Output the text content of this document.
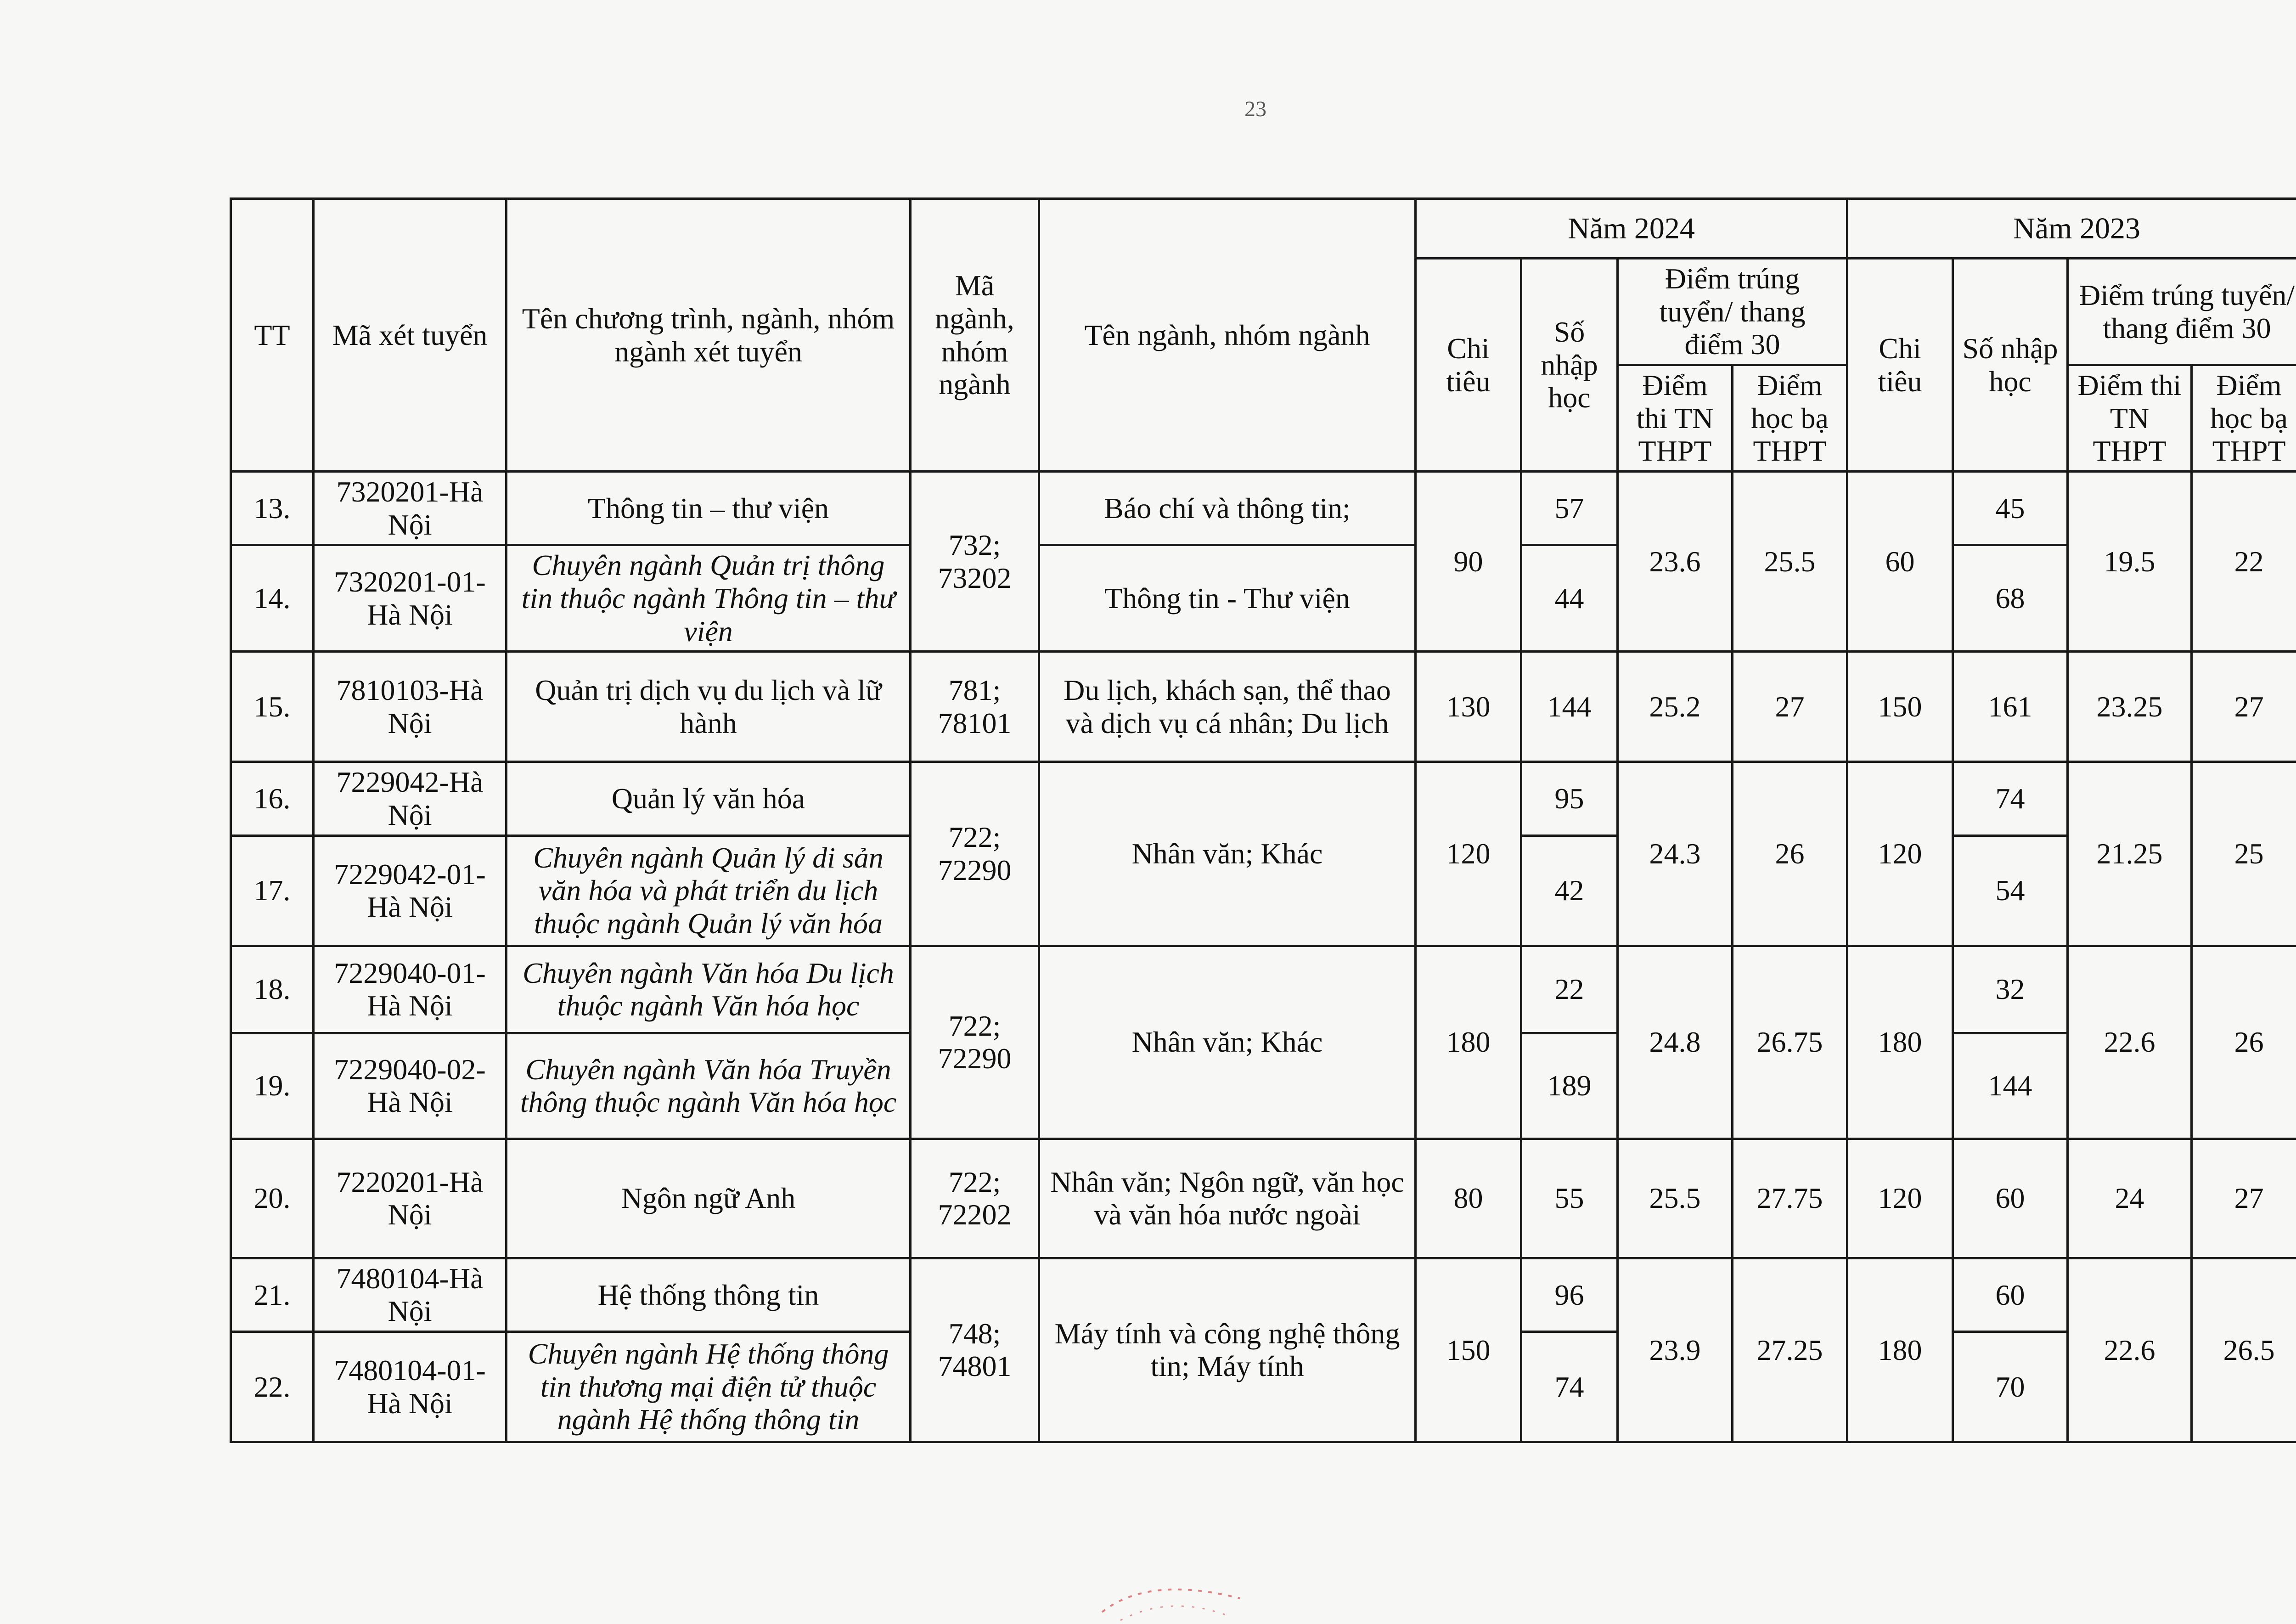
23
TT	Mã xét tuyển	Tên chương trình, ngành, nhóm ngành xét tuyển	Mã ngành, nhóm ngành	Tên ngành, nhóm ngành	Năm 2024				Năm 2023			
					Chi tiêu	Số nhập học	Điểm trúng tuyển/ thang điểm 30		Chi tiêu	Số nhập học	Điểm trúng tuyển/ thang điểm 30	
							Điểm thi TN THPT	Điểm học bạ THPT			Điểm thi TN THPT	Điểm học bạ THPT
13.	7320201-Hà Nội	Thông tin – thư viện	732; 73202	Báo chí và thông tin;	90	57	23.6	25.5	60	45	19.5	22
14.	7320201-01-Hà Nội	Chuyên ngành Quản trị thông tin thuộc ngành Thông tin – thư viện		Thông tin - Thư viện		44				68		
15.	7810103-Hà Nội	Quản trị dịch vụ du lịch và lữ hành	781; 78101	Du lịch, khách sạn, thể thao và dịch vụ cá nhân; Du lịch	130	144	25.2	27	150	161	23.25	27
16.	7229042-Hà Nội	Quản lý văn hóa	722; 72290	Nhân văn; Khác	120	95	24.3	26	120	74	21.25	25
17.	7229042-01-Hà Nội	Chuyên ngành Quản lý di sản văn hóa và phát triển du lịch thuộc ngành Quản lý văn hóa				42				54		
18.	7229040-01-Hà Nội	Chuyên ngành Văn hóa Du lịch thuộc ngành Văn hóa học	722; 72290	Nhân văn; Khác	180	22	24.8	26.75	180	32	22.6	26
19.	7229040-02-Hà Nội	Chuyên ngành Văn hóa Truyền thông thuộc ngành Văn hóa học				189				144		
20.	7220201-Hà Nội	Ngôn ngữ Anh	722; 72202	Nhân văn; Ngôn ngữ, văn học và văn hóa nước ngoài	80	55	25.5	27.75	120	60	24	27
21.	7480104-Hà Nội	Hệ thống thông tin	748; 74801	Máy tính và công nghệ thông tin; Máy tính	150	96	23.9	27.25	180	60	22.6	26.5
22.	7480104-01-Hà Nội	Chuyên ngành Hệ thống thông tin thương mại điện tử thuộc ngành Hệ thống thông tin				74				70		
